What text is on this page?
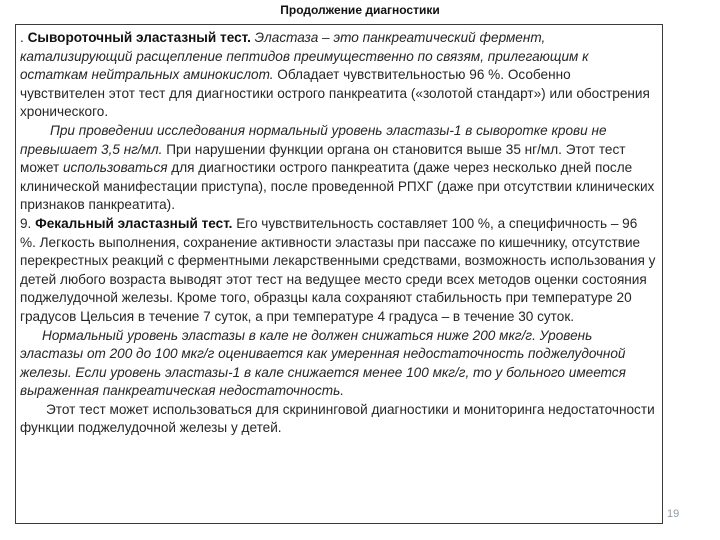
Продолжение диагностики

. Сывороточный эластазный тест. Эластаза – это панкреатический фермент, катализирующий расщепление пептидов преимущественно по связям, прилегающим к остаткам нейтральных аминокислот. Обладает чувствительностью 96 %. Особенно чувствителен этот тест для диагностики острого панкреатита («золотой стандарт») или обострения хронического.

При проведении исследования нормальный уровень эластазы-1 в сыворотке крови не превышает 3,5 нг/мл. При нарушении функции органа он становится выше 35 нг/мл. Этот тест может использоваться для диагностики острого панкреатита (даже через несколько дней после клинической манифестации приступа), после проведенной РПХГ (даже при отсутствии клинических признаков панкреатита).

9. Фекальный эластазный тест. Его чувствительность составляет 100 %, а специфичность – 96 %. Легкость выполнения, сохранение активности эластазы при пассаже по кишечнику, отсутствие перекрестных реакций с ферментными лекарственными средствами, возможность использования у детей любого возраста выводят этот тест на ведущее место среди всех методов оценки состояния поджелудочной железы. Кроме того, образцы кала сохраняют стабильность при температуре 20 градусов Цельсия в течение 7 суток, а при температуре 4 градуса – в течение 30 суток.

Нормальный уровень эластазы в кале не должен снижаться ниже 200 мкг/г. Уровень эластазы от 200 до 100 мкг/г оценивается как умеренная недостаточность поджелудочной железы. Если уровень эластазы-1 в кале снижается менее 100 мкг/г, то у больного имеется выраженная панкреатическая недостаточность.

Этот тест может использоваться для скрининговой диагностики и мониторинга недостаточности функции поджелудочной железы у детей.

19
